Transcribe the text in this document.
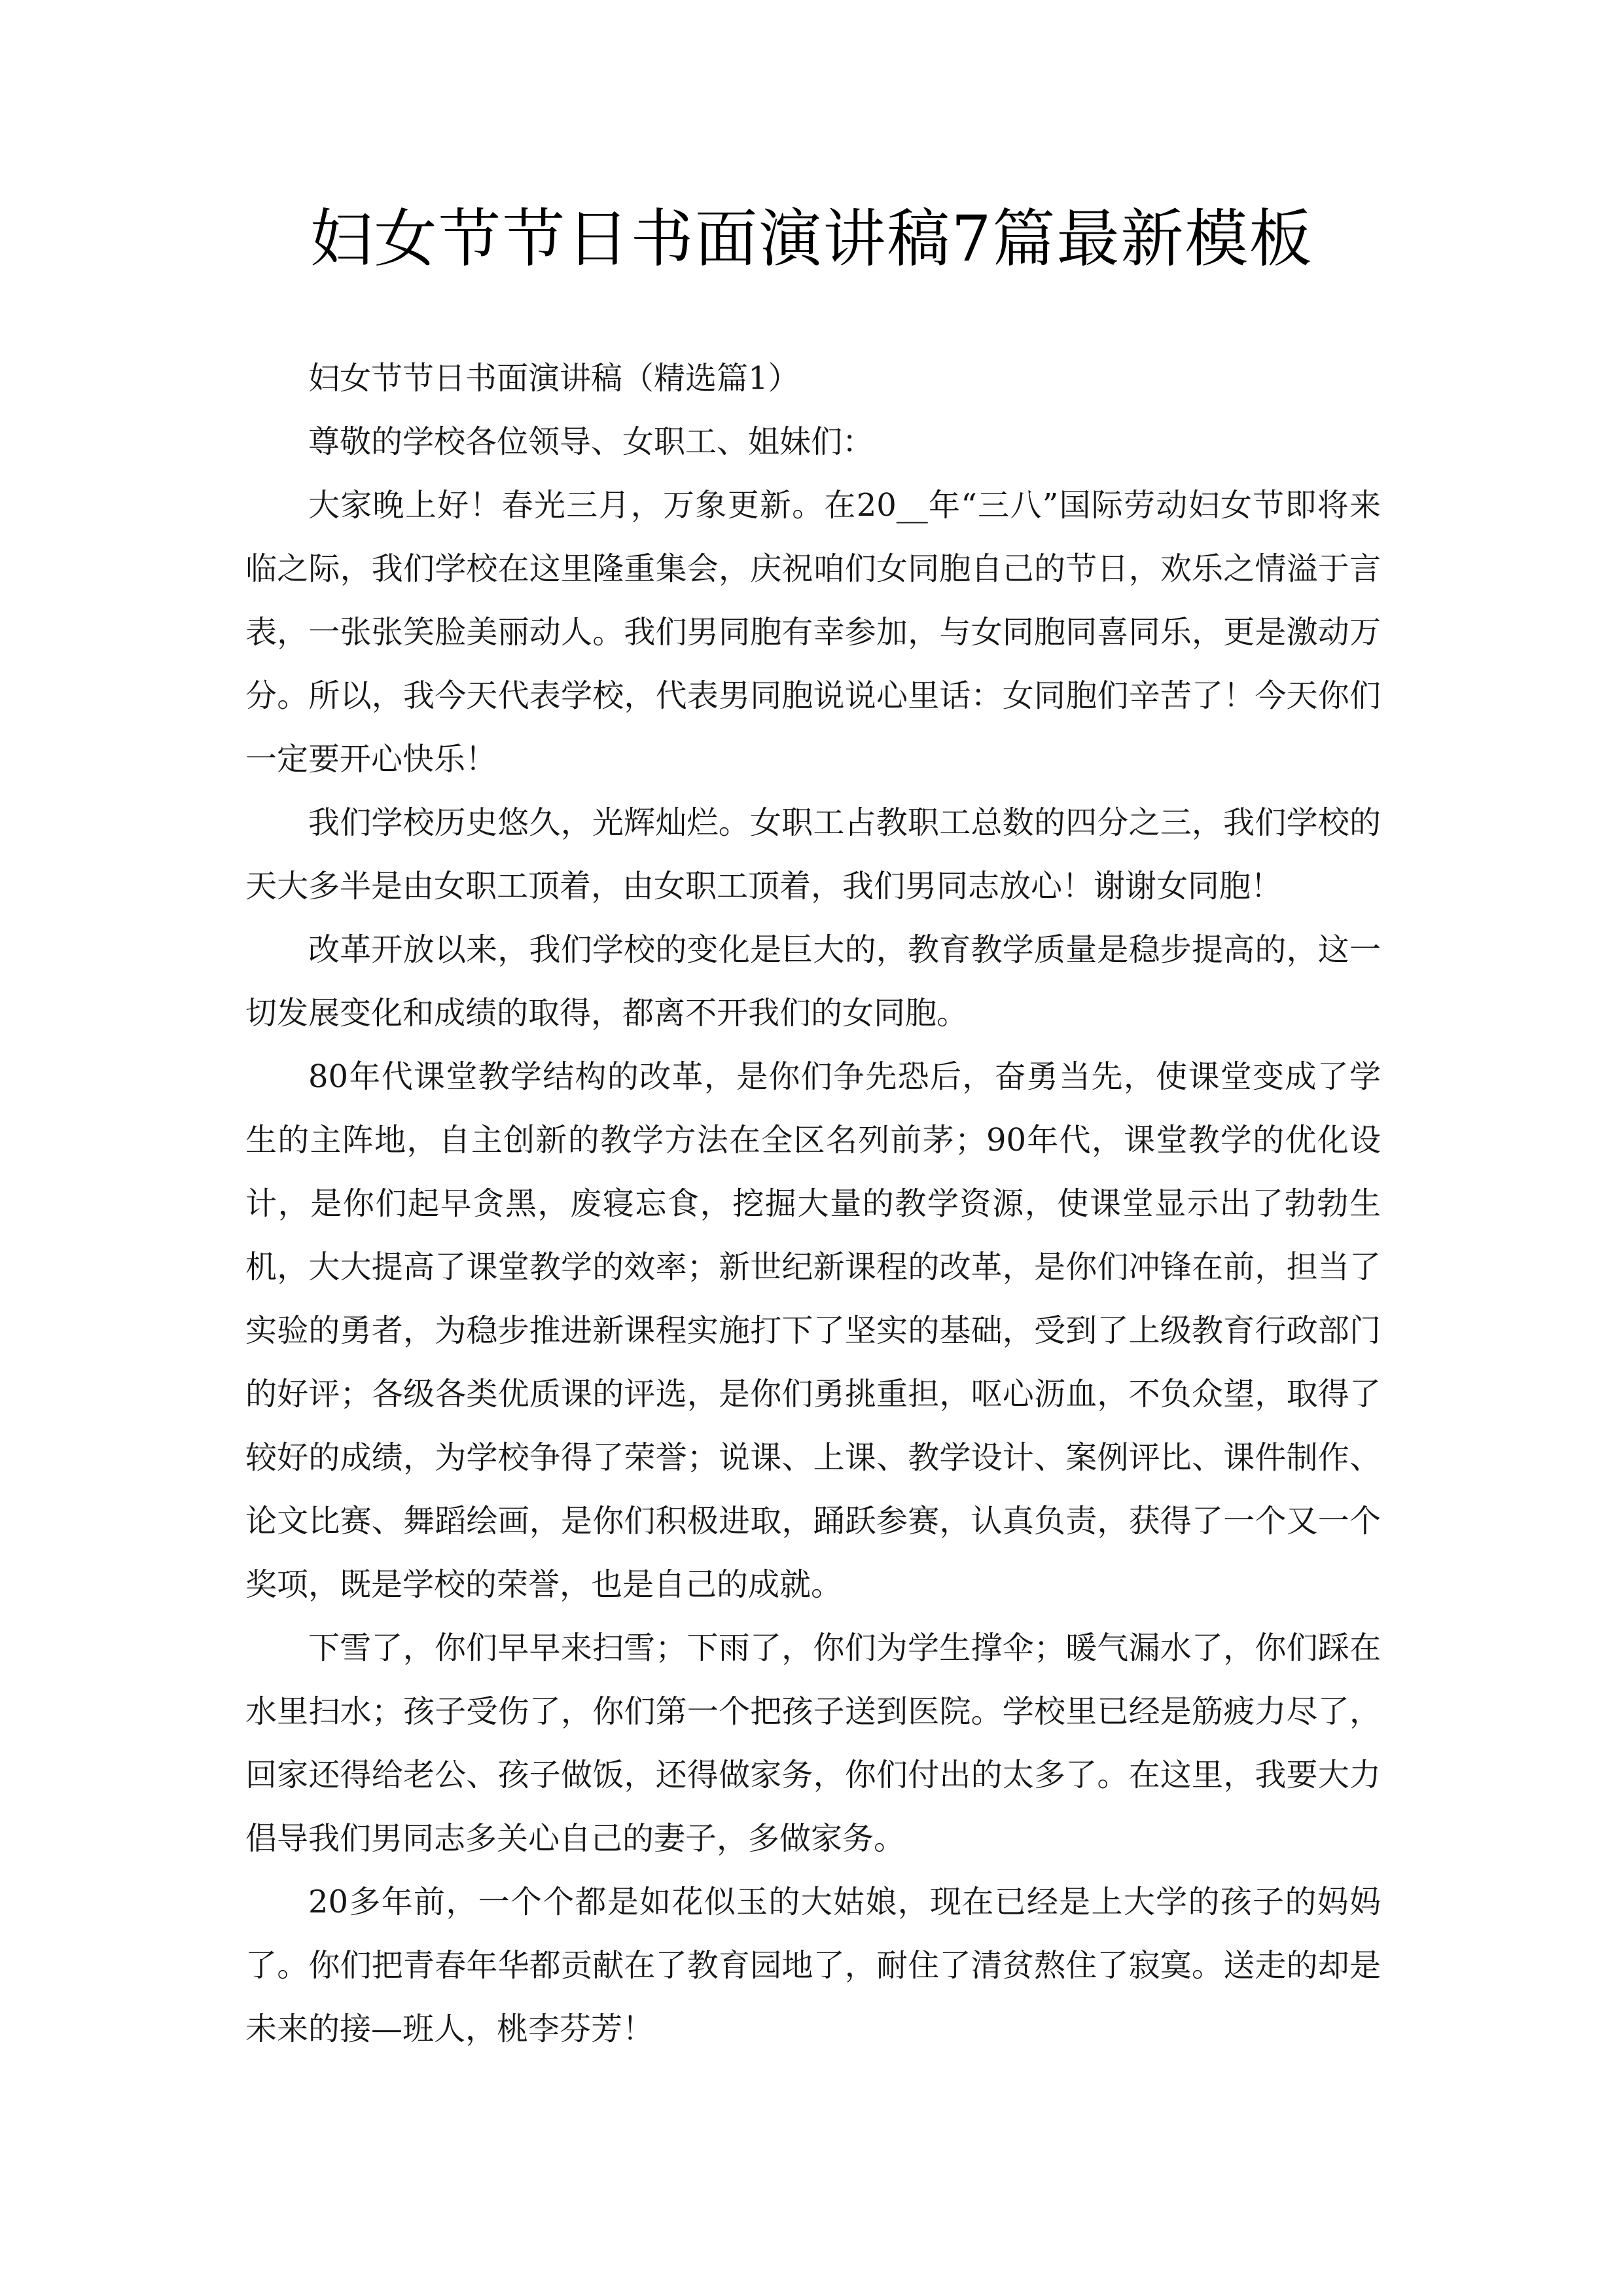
妇女节节日书面演讲稿7篇最新模板

妇女节节日书面演讲稿（精选篇1）

尊敬的学校各位领导、女职工、姐妹们：

大家晚上好！春光三月，万象更新。在20__年“三八”国际劳动妇女节即将来临之际，我们学校在这里隆重集会，庆祝咱们女同胞自己的节日，欢乐之情溢于言表，一张张笑脸美丽动人。我们男同胞有幸参加，与女同胞同喜同乐，更是激动万分。所以，我今天代表学校，代表男同胞说说心里话：女同胞们辛苦了！今天你们一定要开心快乐！

我们学校历史悠久，光辉灿烂。女职工占教职工总数的四分之三，我们学校的天大多半是由女职工顶着，由女职工顶着，我们男同志放心！谢谢女同胞！

改革开放以来，我们学校的变化是巨大的，教育教学质量是稳步提高的，这一切发展变化和成绩的取得，都离不开我们的女同胞。

80年代课堂教学结构的改革，是你们争先恐后，奋勇当先，使课堂变成了学生的主阵地，自主创新的教学方法在全区名列前茅；90年代，课堂教学的优化设计，是你们起早贪黑，废寝忘食，挖掘大量的教学资源，使课堂显示出了勃勃生机，大大提高了课堂教学的效率；新世纪新课程的改革，是你们冲锋在前，担当了实验的勇者，为稳步推进新课程实施打下了坚实的基础，受到了上级教育行政部门的好评；各级各类优质课的评选，是你们勇挑重担，呕心沥血，不负众望，取得了较好的成绩，为学校争得了荣誉；说课、上课、教学设计、案例评比、课件制作、论文比赛、舞蹈绘画，是你们积极进取，踊跃参赛，认真负责，获得了一个又一个奖项，既是学校的荣誉，也是自己的成就。

下雪了，你们早早来扫雪；下雨了，你们为学生撑伞；暖气漏水了，你们踩在水里扫水；孩子受伤了，你们第一个把孩子送到医院。学校里已经是筋疲力尽了，回家还得给老公、孩子做饭，还得做家务，你们付出的太多了。在这里，我要大力倡导我们男同志多关心自己的妻子，多做家务。

20多年前，一个个都是如花似玉的大姑娘，现在已经是上大学的孩子的妈妈了。你们把青春年华都贡献在了教育园地了，耐住了清贫熬住了寂寞。送走的却是未来的接—班人，桃李芬芳！
